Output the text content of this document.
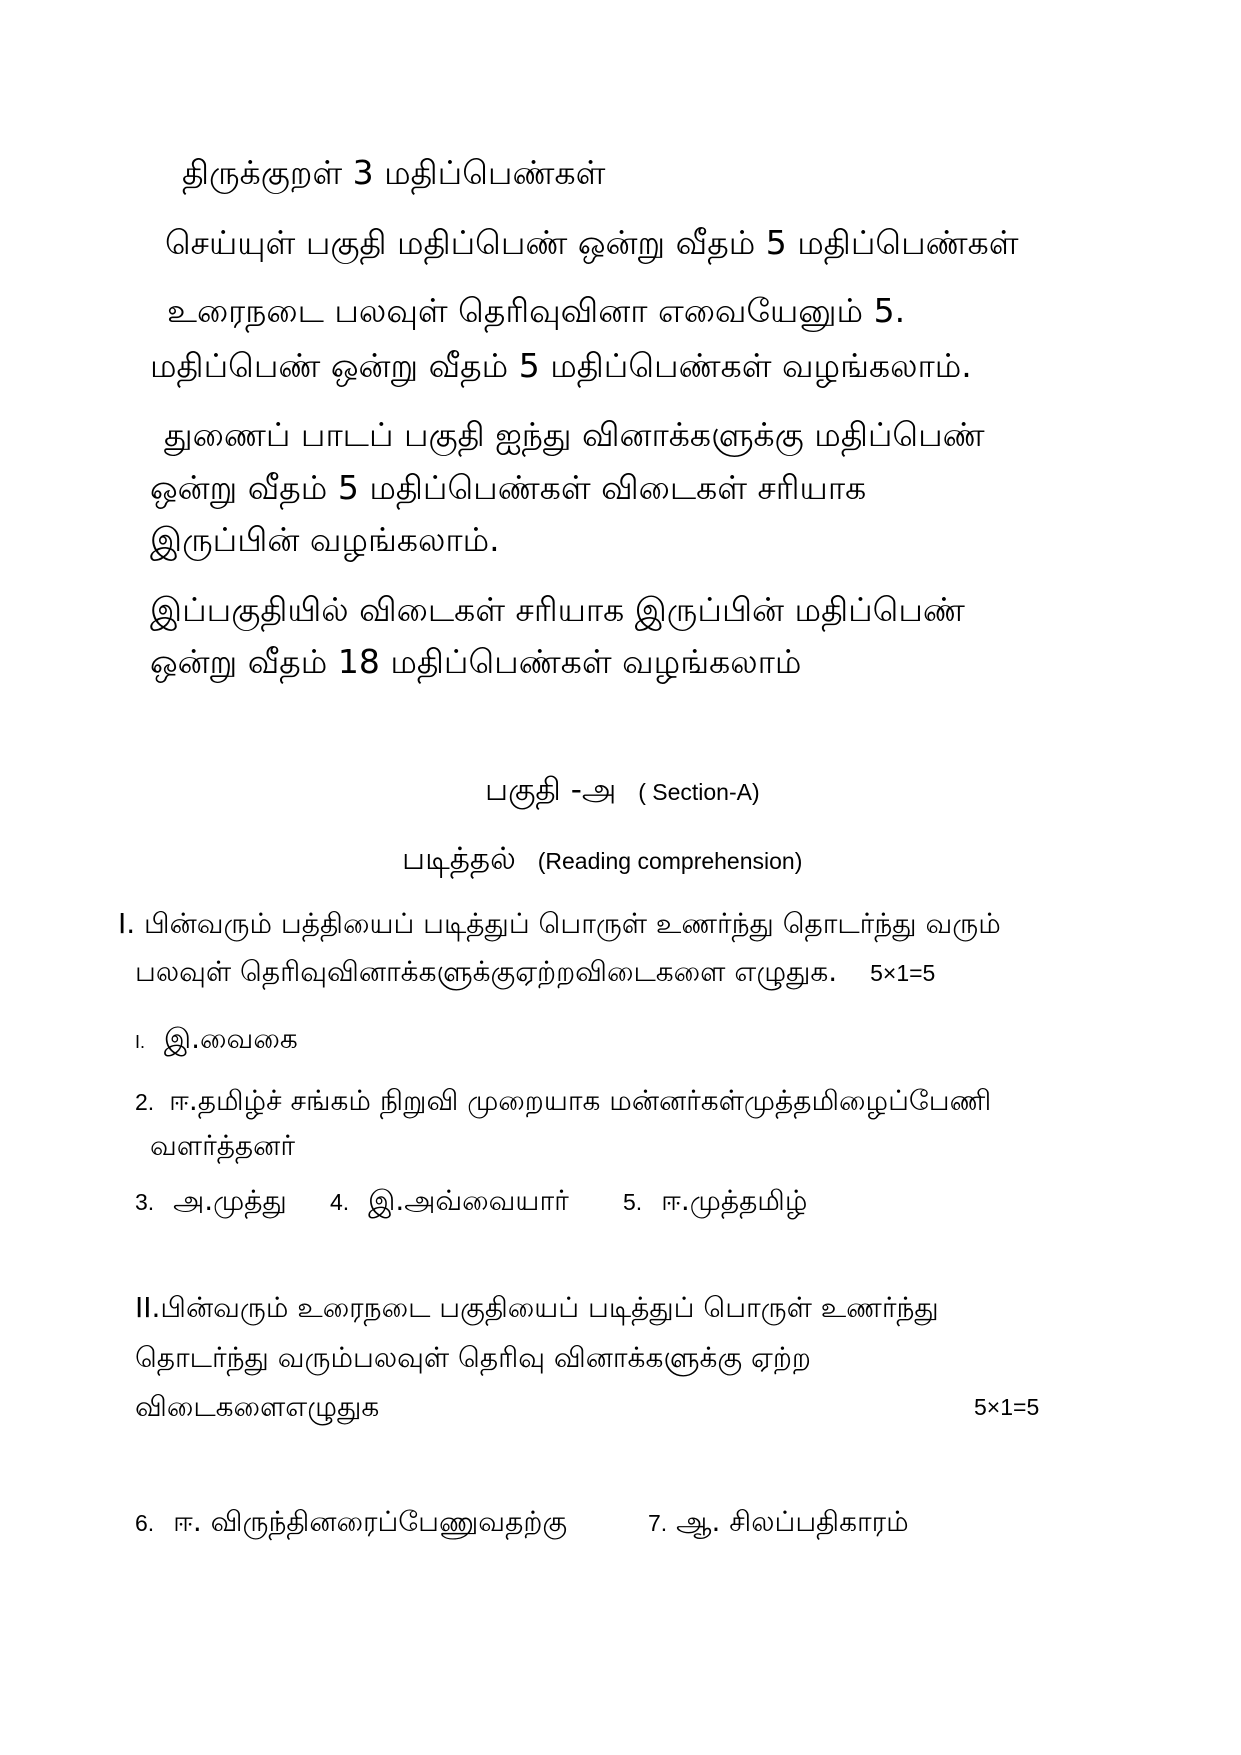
திருக்குறள் 3 மதிப்பெண்கள்
செய்யுள் பகுதி மதிப்பெண் ஒன்று வீதம் 5 மதிப்பெண்கள்
உரைநடை பலவுள் தெரிவுவினா எவையேனும் 5.
மதிப்பெண் ஒன்று வீதம் 5 மதிப்பெண்கள் வழங்கலாம்.
துணைப் பாடப் பகுதி ஐந்து வினாக்களுக்கு மதிப்பெண்
ஒன்று வீதம் 5 மதிப்பெண்கள் விடைகள் சரியாக
இருப்பின் வழங்கலாம்.
இப்பகுதியில் விடைகள் சரியாக இருப்பின் மதிப்பெண்
ஒன்று வீதம் 18 மதிப்பெண்கள் வழங்கலாம்
பகுதி -அ ( Section-A)
படித்தல் (Reading comprehension)
I. பின்வரும் பத்தியைப் படித்துப் பொருள் உணர்ந்து தொடர்ந்து வரும்
பலவுள் தெரிவுவினாக்களுக்குஏற்றவிடைகளை எழுதுக. 5×1=5
I. இ.வைகை
2. ஈ.தமிழ்ச் சங்கம் நிறுவி முறையாக மன்னர்கள்முத்தமிழைப்பேணி
வளர்த்தனர்
3. அ.முத்து 4. இ.அவ்வையார் 5. ஈ.முத்தமிழ்
II.பின்வரும் உரைநடை பகுதியைப் படித்துப் பொருள் உணர்ந்து
தொடர்ந்து வரும்பலவுள் தெரிவு வினாக்களுக்கு ஏற்ற
விடைகளைஎழுதுக	5×1=5
6. ஈ. விருந்தினரைப்பேணுவதற்கு	7. ஆ. சிலப்பதிகாரம்
